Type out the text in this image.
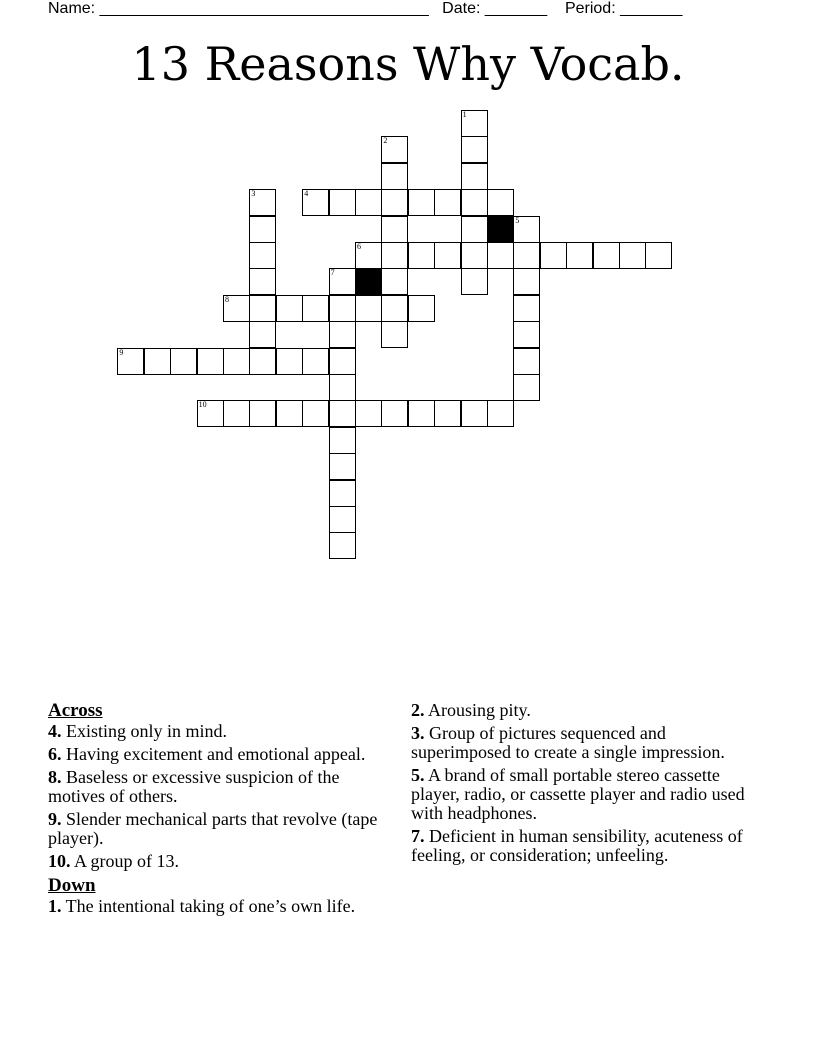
Name: _____________________________________ Date: _______ Period: _______
13 Reasons Why Vocab.
1
2
3	4
5
6
7
8
9
10

Across

4. Existing only in mind.
6. Having excitement and emotional appeal.
8. Baseless or excessive suspicion of the motives of others.
9. Slender mechanical parts that revolve (tape player).
10. A group of 13.

Down

1. The intentional taking of one’s own life.
2. Arousing pity.
3. Group of pictures sequenced and superimposed to create a single impression.
5. A brand of small portable stereo cassette player, radio, or cassette player and radio used with headphones.
7. Deficient in human sensibility, acuteness of feeling, or consideration; unfeeling.
